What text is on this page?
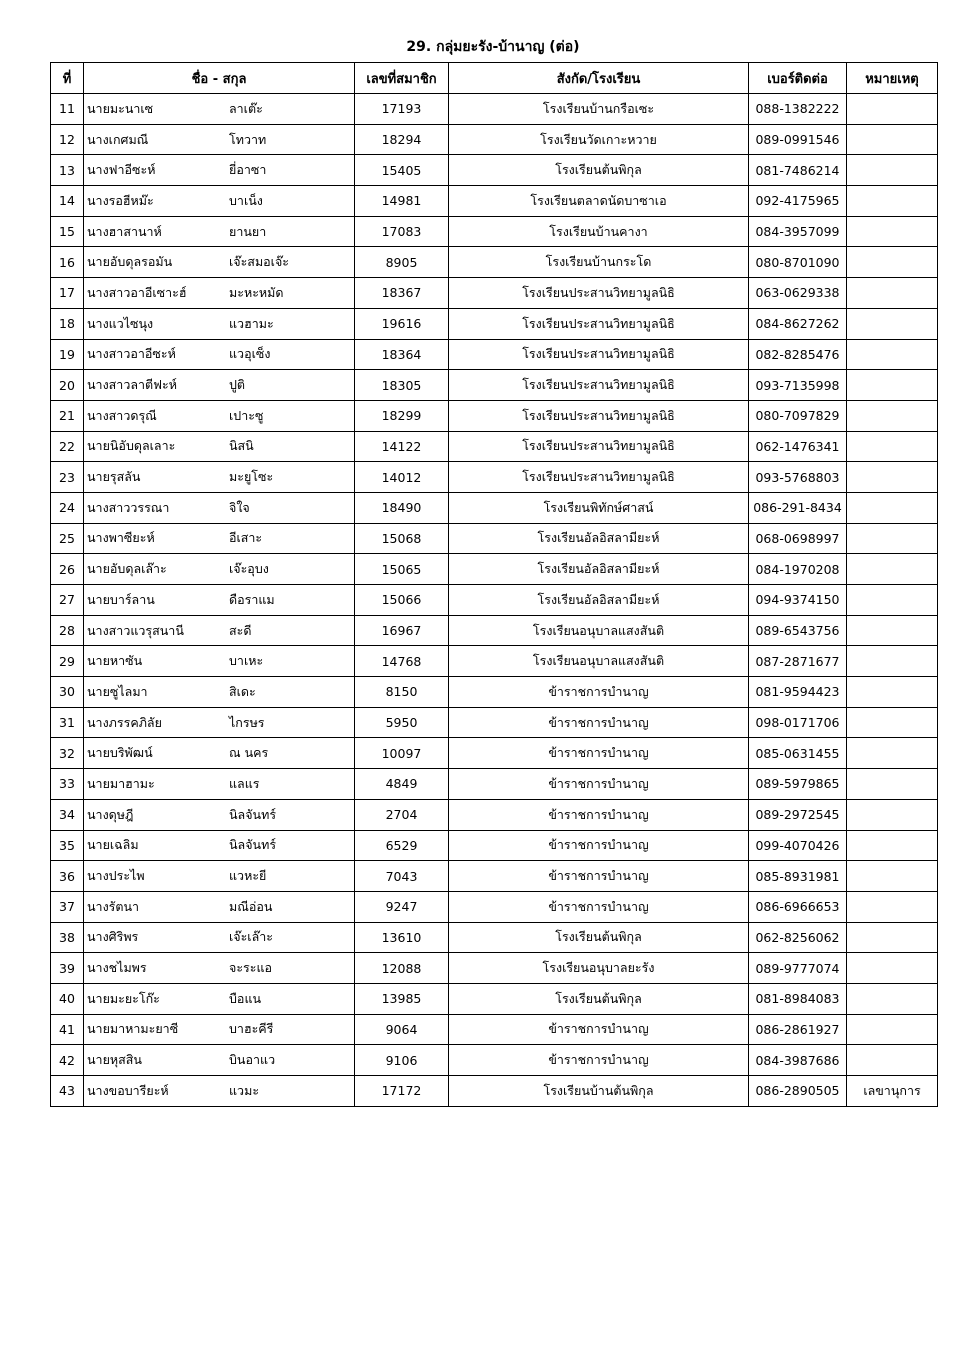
29. กลุ่มยะรัง-บ้านาญ (ต่อ)
ที่	ชื่อ - สกุล	เลขที่สมาชิก	สังกัด/โรงเรียน	เบอร์ติดต่อ	หมายเหตุ
11	นายมะนาเซ ลาเต๊ะ	17193	โรงเรียนบ้านกรือเซะ	088-1382222	
12	นางเกศมณี โทวาท	18294	โรงเรียนวัดเกาะหวาย	089-0991546	
13	นางฟาอีซะห์ ยี่อาซา	15405	โรงเรียนต้นพิกุล	081-7486214	
14	นางรอฮีหม๊ะ บาเน็ง	14981	โรงเรียนตลาดนัดบาซาเอ	092-4175965	
15	นางฮาสานาห์ ยานยา	17083	โรงเรียนบ้านคางา	084-3957099	
16	นายอับดุลรอมัน เจ๊ะสมอเจ๊ะ	8905	โรงเรียนบ้านกระโด	080-8701090	
17	นางสาวอาอีเซาะฮ์ มะหะหมัด	18367	โรงเรียนประสานวิทยามูลนิธิ	063-0629338	
18	นางแวไซนุง แวฮามะ	19616	โรงเรียนประสานวิทยามูลนิธิ	084-8627262	
19	นางสาวอาอีซะห์ แวอุเซ็ง	18364	โรงเรียนประสานวิทยามูลนิธิ	082-8285476	
20	นางสาวลาตีฟะห์ ปูติ	18305	โรงเรียนประสานวิทยามูลนิธิ	093-7135998	
21	นางสาวดรุณี เปาะซู	18299	โรงเรียนประสานวิทยามูลนิธิ	080-7097829	
22	นายนิอับดุลเลาะ นิสนิ	14122	โรงเรียนประสานวิทยามูลนิธิ	062-1476341	
23	นายรุสลัน มะยูโซะ	14012	โรงเรียนประสานวิทยามูลนิธิ	093-5768803	
24	นางสาววรรณา จิใจ	18490	โรงเรียนพิทักษ์ศาสน์	086-291-8434	
25	นางพาซียะห์ อีเสาะ	15068	โรงเรียนอัลอิสลามียะห์	068-0698997	
26	นายอับดุลเล๊าะ เจ๊ะอุบง	15065	โรงเรียนอัลอิสลามียะห์	084-1970208	
27	นายบาร์ลาน ดือราแม	15066	โรงเรียนอัลอิสลามียะห์	094-9374150	
28	นางสาวแวรุสนานี สะดี	16967	โรงเรียนอนุบาลแสงสันติ	089-6543756	
29	นายหาซัน บาเหะ	14768	โรงเรียนอนุบาลแสงสันติ	087-2871677	
30	นายซูไลมา สิเดะ	8150	ข้าราชการบำนาญ	081-9594423	
31	นางภรรคภิลัย ไกรษร	5950	ข้าราชการบำนาญ	098-0171706	
32	นายบริพัฒน์ ณ นคร	10097	ข้าราชการบำนาญ	085-0631455	
33	นายมาฮามะ แลแร	4849	ข้าราชการบำนาญ	089-5979865	
34	นางดุษฎี นิลจันทร์	2704	ข้าราชการบำนาญ	089-2972545	
35	นายเฉลิม นิลจันทร์	6529	ข้าราชการบำนาญ	099-4070426	
36	นางประไพ แวหะยี	7043	ข้าราชการบำนาญ	085-8931981	
37	นางรัตนา มณีอ่อน	9247	ข้าราชการบำนาญ	086-6966653	
38	นางศิริพร เจ๊ะเล๊าะ	13610	โรงเรียนต้นพิกุล	062-8256062	
39	นางชไมพร จะระแอ	12088	โรงเรียนอนุบาลยะรัง	089-9777074	
40	นายมะยะโก๊ะ บือแน	13985	โรงเรียนต้นพิกุล	081-8984083	
41	นายมาหามะยาซี บาฮะคีรี	9064	ข้าราชการบำนาญ	086-2861927	
42	นายหุสสิน บินอาแว	9106	ข้าราชการบำนาญ	084-3987686	
43	นางขอบารียะห์ แวมะ	17172	โรงเรียนบ้านต้นพิกุล	086-2890505	เลขานุการ
